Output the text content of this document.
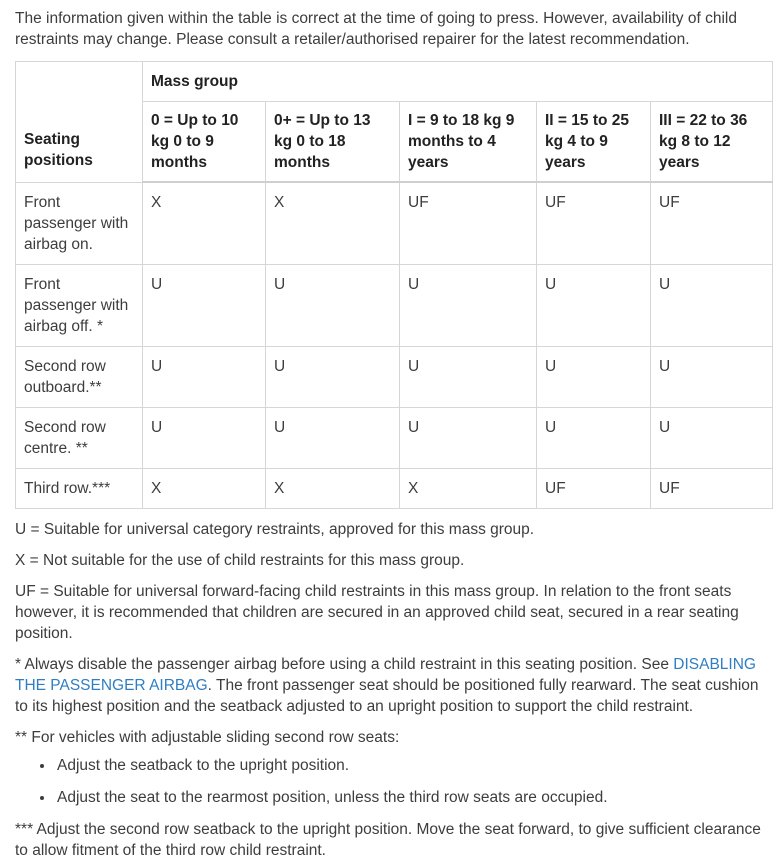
The information given within the table is correct at the time of going to press. However, availability of child restraints may change. Please consult a retailer/authorised repairer for the latest recommendation.

Seating positions	Mass group				
	0 = Up to 10 kg 0 to 9 months	0+ = Up to 13 kg 0 to 18 months	I = 9 to 18 kg 9 months to 4 years	II = 15 to 25 kg 4 to 9 years	III = 22 to 36 kg 8 to 12 years
Front passenger with airbag on.	X	X	UF	UF	UF
Front passenger with airbag off. *	U	U	U	U	U
Second row outboard.**	U	U	U	U	U
Second row centre. **	U	U	U	U	U
Third row.***	X	X	X	UF	UF

U = Suitable for universal category restraints, approved for this mass group.

X = Not suitable for the use of child restraints for this mass group.

UF = Suitable for universal forward-facing child restraints in this mass group. In relation to the front seats however, it is recommended that children are secured in an approved child seat, secured in a rear seating position.

* Always disable the passenger airbag before using a child restraint in this seating position. See DISABLING THE PASSENGER AIRBAG. The front passenger seat should be positioned fully rearward. The seat cushion to its highest position and the seatback adjusted to an upright position to support the child restraint.

** For vehicles with adjustable sliding second row seats:

• Adjust the seatback to the upright position.
• Adjust the seat to the rearmost position, unless the third row seats are occupied.

*** Adjust the second row seatback to the upright position. Move the seat forward, to give sufficient clearance to allow fitment of the third row child restraint.
